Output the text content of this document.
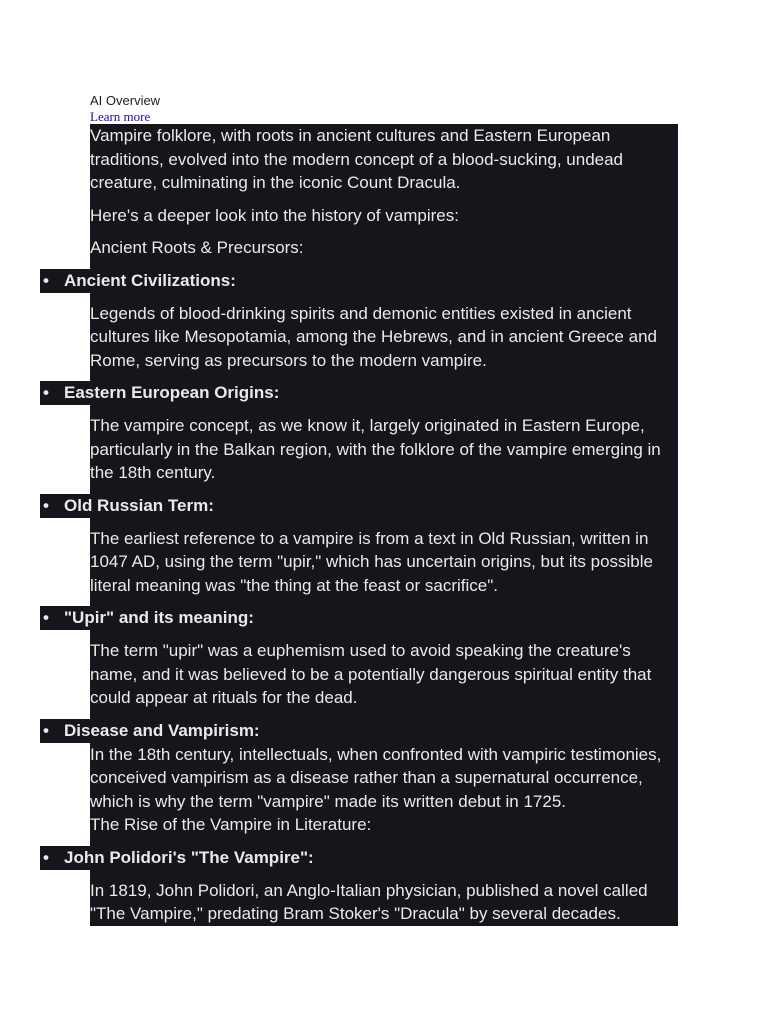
AI Overview
Learn more

Vampire folklore, with roots in ancient cultures and Eastern European traditions, evolved into the modern concept of a blood-sucking, undead creature, culminating in the iconic Count Dracula.

Here's a deeper look into the history of vampires:

Ancient Roots & Precursors:

• Ancient Civilizations:

Legends of blood-drinking spirits and demonic entities existed in ancient cultures like Mesopotamia, among the Hebrews, and in ancient Greece and Rome, serving as precursors to the modern vampire.

• Eastern European Origins:

The vampire concept, as we know it, largely originated in Eastern Europe, particularly in the Balkan region, with the folklore of the vampire emerging in the 18th century.

• Old Russian Term:

The earliest reference to a vampire is from a text in Old Russian, written in 1047 AD, using the term "upir," which has uncertain origins, but its possible literal meaning was "the thing at the feast or sacrifice".

• "Upir" and its meaning:

The term "upir" was a euphemism used to avoid speaking the creature's name, and it was believed to be a potentially dangerous spiritual entity that could appear at rituals for the dead.

• Disease and Vampirism:

In the 18th century, intellectuals, when confronted with vampiric testimonies, conceived vampirism as a disease rather than a supernatural occurrence, which is why the term "vampire" made its written debut in 1725.

The Rise of the Vampire in Literature:

• John Polidori's "The Vampire":

In 1819, John Polidori, an Anglo-Italian physician, published a novel called "The Vampire," predating Bram Stoker's "Dracula" by several decades.
